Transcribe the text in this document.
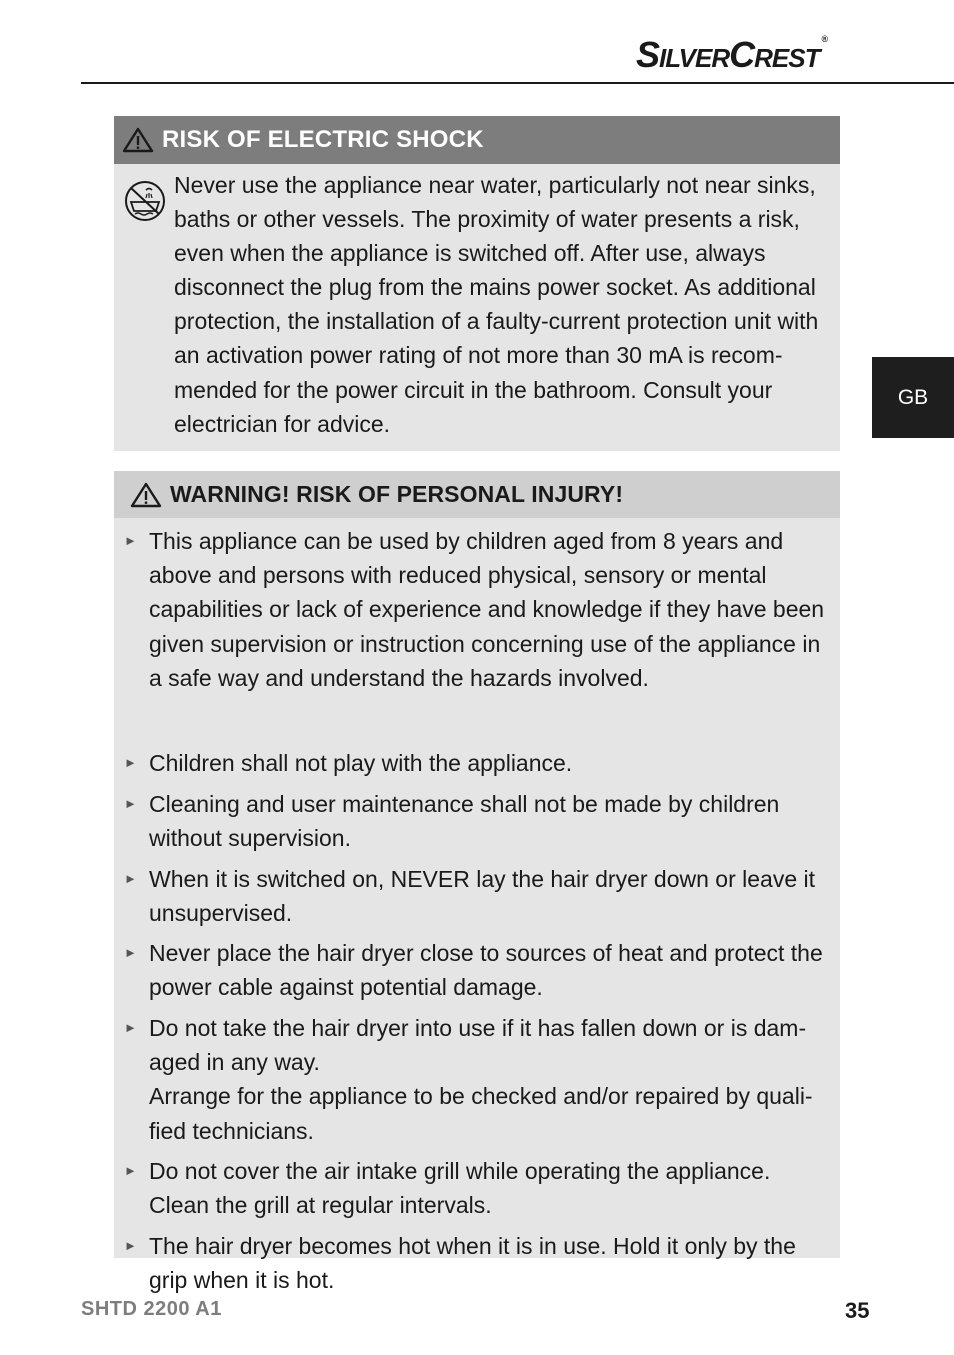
SILVERCREST®
GB
RISK OF ELECTRIC SHOCK

Never use the appliance near water, particularly not near sinks, baths or other vessels. The proximity of water presents a risk, even when the appliance is switched off. After use, always disconnect the plug from the mains power socket. As additional protection, the installation of a faulty-current protection unit with an activation power rating of not more than 30 mA is recom-mended for the power circuit in the bathroom. Consult your electrician for advice.

WARNING! RISK OF PERSONAL INJURY!
► This appliance can be used by children aged from 8 years and above and persons with reduced physical, sensory or mental capabilities or lack of experience and knowledge if they have been given supervision or instruction concerning use of the appliance in a safe way and understand the hazards involved.

► Children shall not play with the appliance.

► Cleaning and user maintenance shall not be made by children without supervision.

► When it is switched on, NEVER lay the hair dryer down or leave it unsupervised.

► Never place the hair dryer close to sources of heat and protect the power cable against potential damage.

► Do not take the hair dryer into use if it has fallen down or is dam-aged in any way.

Arrange for the appliance to be checked and/or repaired by quali-fied technicians.

► Do not cover the air intake grill while operating the appliance. Clean the grill at regular intervals.

► The hair dryer becomes hot when it is in use. Hold it only by the grip when it is hot.

SHTD 2200 A1	35
